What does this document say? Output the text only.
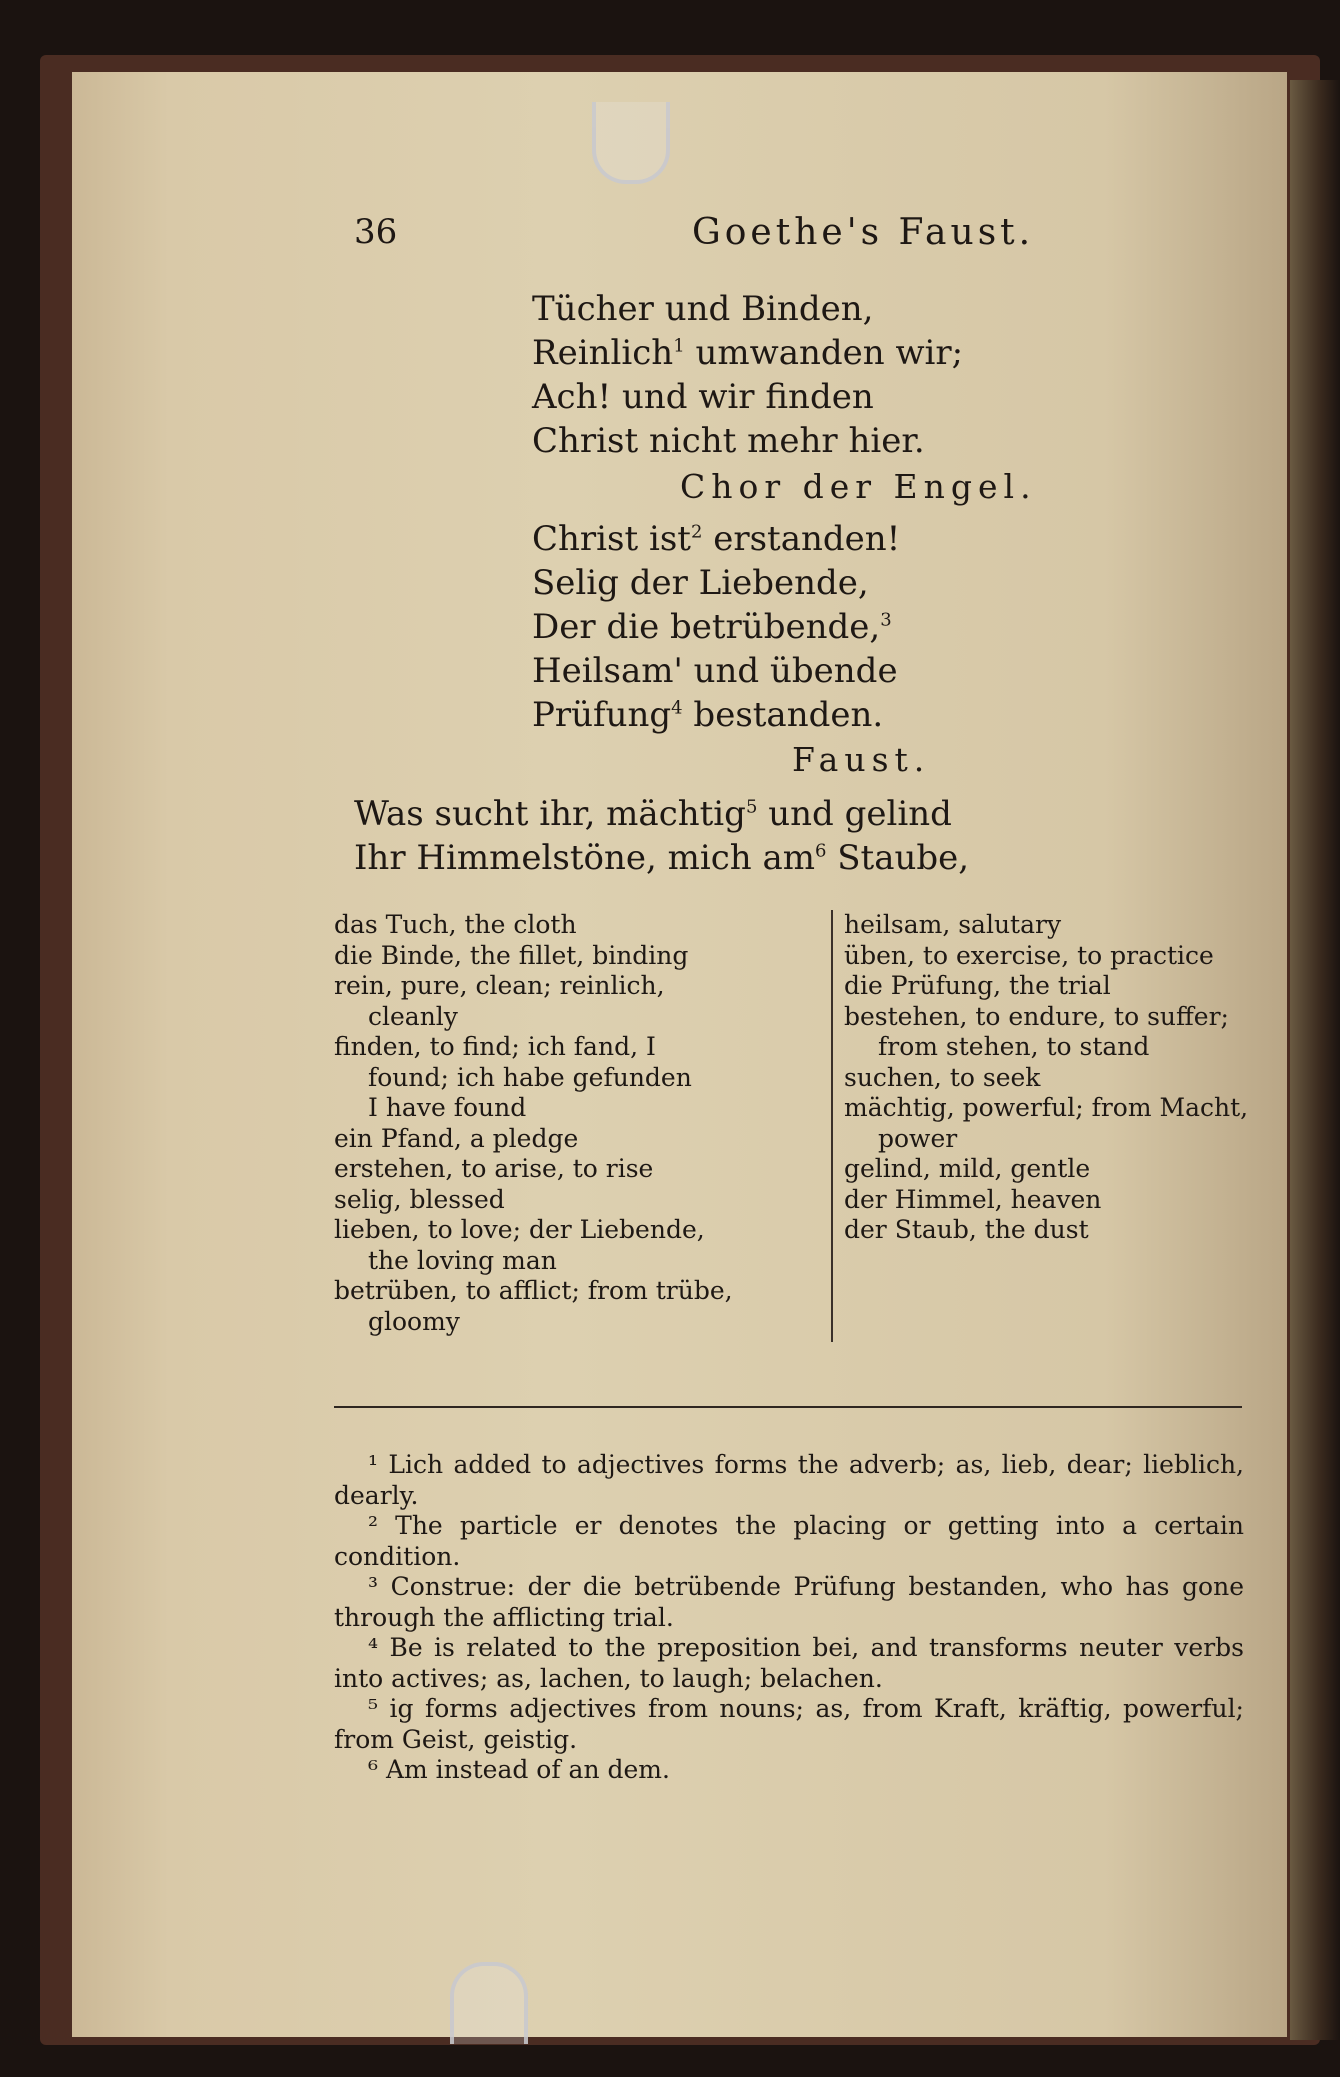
36	Goethe's Faust.
Tücher und Binden,
Reinlich$^1$ umwanden wir;
Ach! und wir finden
Christ nicht mehr hier.
Chor der Engel.
Christ ist$^2$ erstanden!
Selig der Liebende,
Der die betrübende,$^3$
Heilsam' und übende
Prüfung$^4$ bestanden.
Faust.
Was sucht ihr, mächtig$^5$ und gelind
Ihr Himmelstöne, mich $am^6$ Staube,
das Tuch, the cloth
die Binde, the fillet, binding
rein, pure, clean; reinlich,
cleanly
finden, to find; ich fand, I
found; ich habe gefunden
I have found
ein Pfand, a pledge
erstehen, to arise, to rise
selig, blessed
lieben, to love; der Liebende,
the loving man
betrüben, to afflict; from trübe,
gloomy
heilsam, salutary
üben, to exercise, to practice
die Prüfung, the trial
bestehen, to endure, to suffer;
from stehen, to stand
suchen, to seek
mächtig, powerful; from Macht,
power
gelind, mild, gentle
der Himmel, heaven
der Staub, the dust
¹ Lich added to adjectives forms the adverb; as, lieb, dear; lieblich, dearly.
² The particle er denotes the placing or getting into a certain condition.
³ Construe: der die betrübende Prüfung bestanden, who has gone through the afflicting trial.
⁴ Be is related to the preposition bei, and transforms neuter verbs into actives; as, lachen, to laugh; belachen.
⁵ ig forms adjectives from nouns; as, from Kraft, kräftig, powerful; from Geist, geistig.
⁶ Am instead of an dem.
